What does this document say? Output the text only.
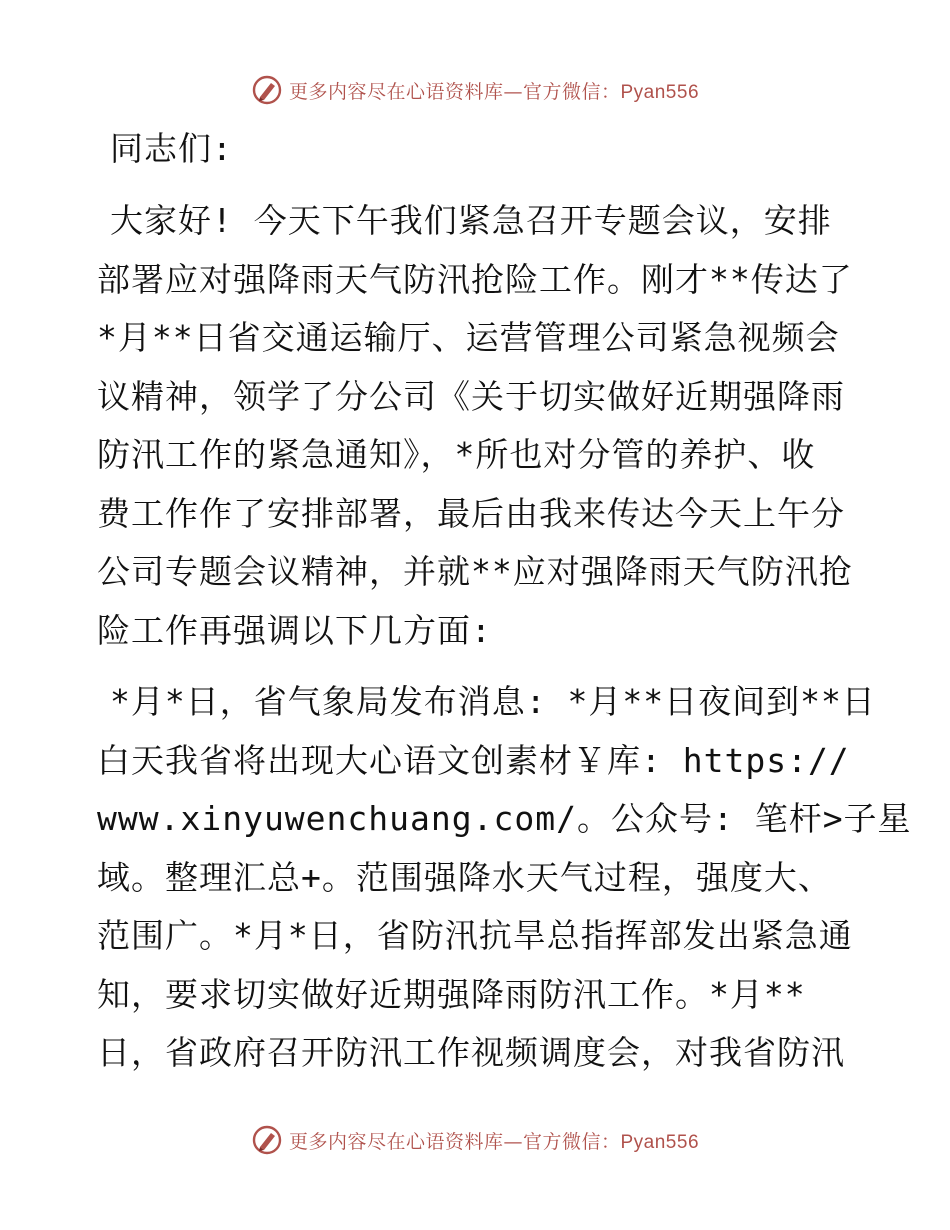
更多内容尽在心语资料库—官方微信：Pyan556
同志们:
大家好! 今天下午我们紧急召开专题会议，安排
部署应对强降雨天气防汛抢险工作。刚才**传达了
*月**日省交通运输厅、运营管理公司紧急视频会
议精神，领学了分公司《关于切实做好近期强降雨
防汛工作的紧急通知》，*所也对分管的养护、收
费工作作了安排部署，最后由我来传达今天上午分
公司专题会议精神，并就**应对强降雨天气防汛抢
险工作再强调以下几方面:
*月*日，省气象局发布消息: *月**日夜间到**日
白天我省将出现大心语文创素材￥库: https://
www.xinyuwenchuang.com/。公众号: 笔杆>子星
域。整理汇总+。范围强降水天气过程，强度大、
范围广。*月*日，省防汛抗旱总指挥部发出紧急通
知，要求切实做好近期强降雨防汛工作。*月**
日，省政府召开防汛工作视频调度会，对我省防汛
更多内容尽在心语资料库—官方微信：Pyan556
